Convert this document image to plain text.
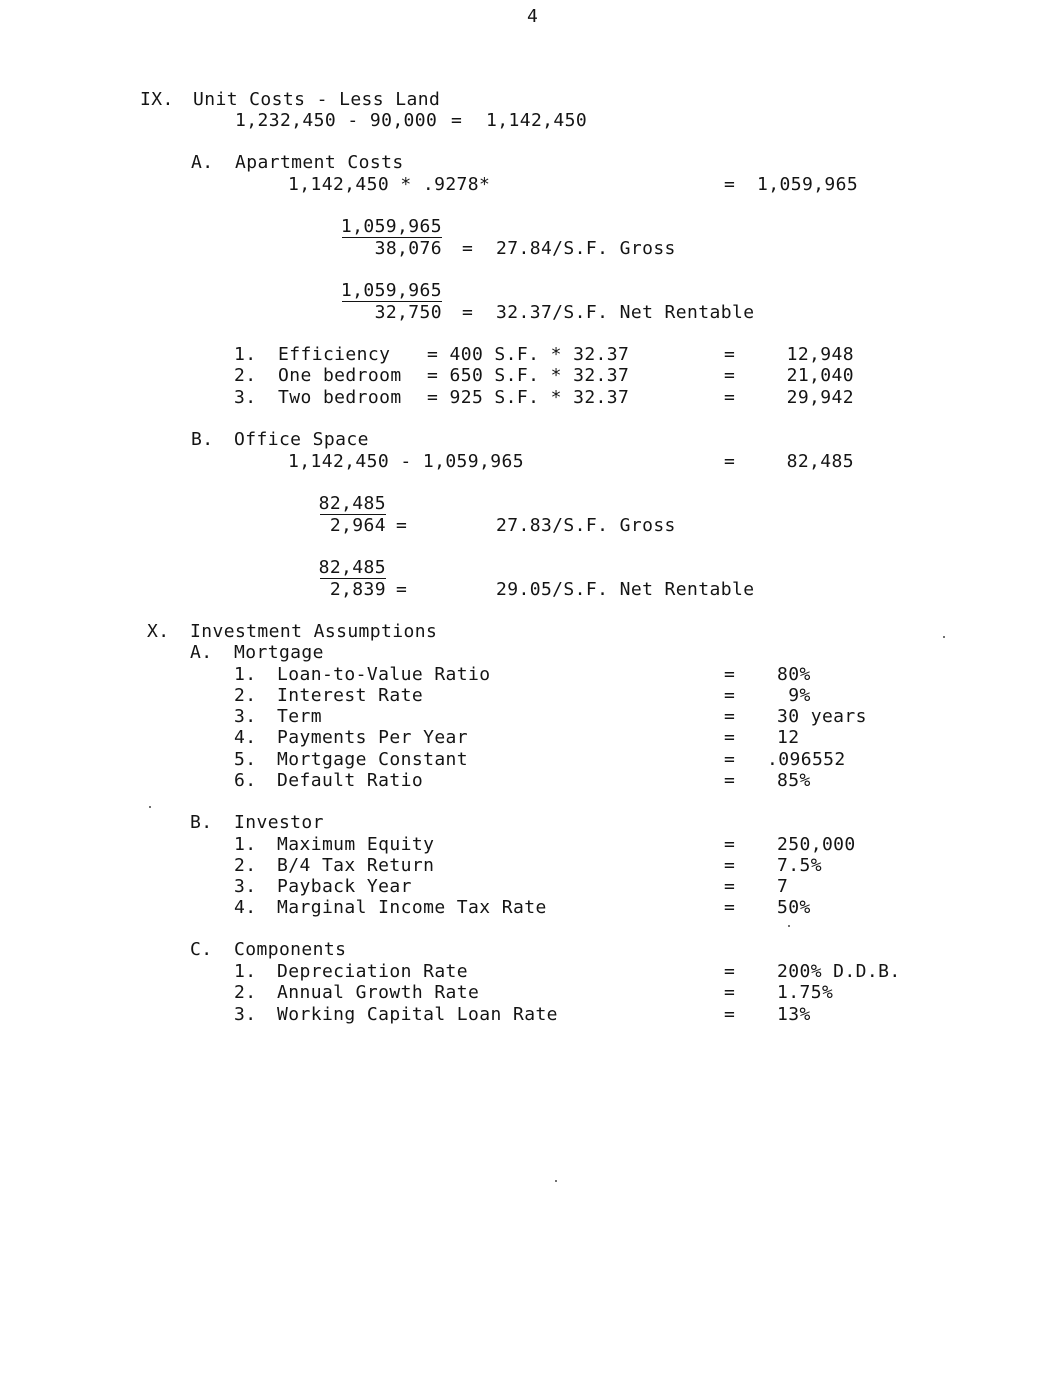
4
IX. Unit Costs - Less Land
1,232,450 - 90,000 = 1,142,450
A. Apartment Costs
1,142,450 * .9278*	= 1,059,965
1,059,965
38,076 = 27.84/S.F. Gross
1,059,965
32,750 = 32.37/S.F. Net Rentable
1. Efficiency = 400 S.F. * 32.37	=	12,948
2. One bedroom = 650 S.F. * 32.37	=	21,040
3. Two bedroom = 925 S.F. * 32.37	=	29,942
B. Office Space
1,142,450 - 1,059,965	=	82,485
82,485
2,964 =	27.83/S.F. Gross
82,485
2,839 =	29.05/S.F. Net Rentable
X. Investment Assumptions
A. Mortgage
1. Loan-to-Value Ratio	= 80%
2. Interest Rate	= 9%
3. Term	= 30 years
4. Payments Per Year	= 12
5. Mortgage Constant	= .096552
6. Default Ratio	= 85%
B. Investor
1. Maximum Equity	= 250,000
2. B/4 Tax Return	= 7.5%
3. Payback Year	= 7
4. Marginal Income Tax Rate	= 50%
C. Components
1. Depreciation Rate	= 200% D.D.B.
2. Annual Growth Rate	= 1.75%
3. Working Capital Loan Rate	= 13%
